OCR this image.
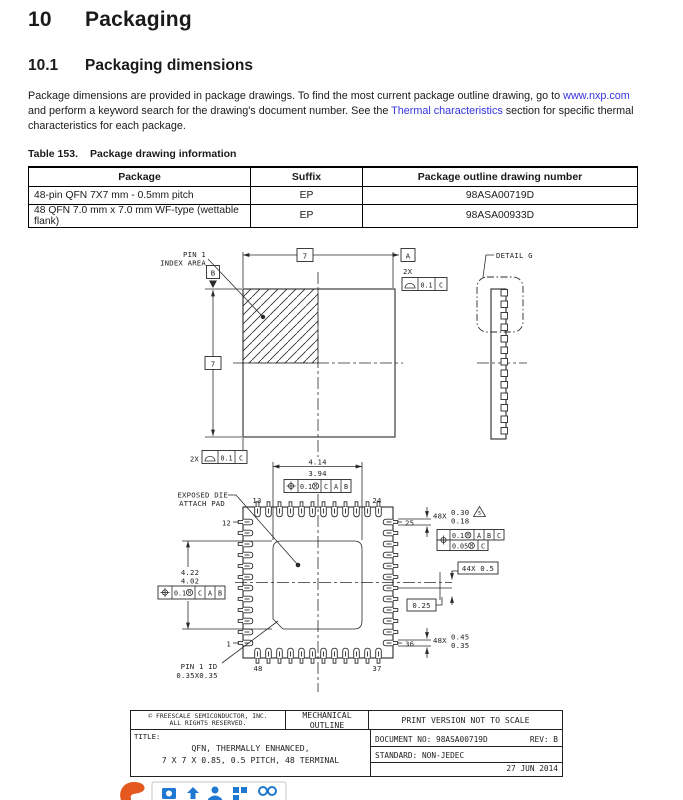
10 Packaging
10.1 Packaging dimensions
Package dimensions are provided in package drawings. To find the most current package outline drawing, go to www.nxp.com and perform a keyword search for the drawing's document number. See the Thermal characteristics section for specific thermal characteristics for each package.
Table 153. Package drawing information
Package	Suffix	Package outline drawing number
48-pin QFN 7X7 mm - 0.5mm pitch	EP	98ASA00719D
48 QFN 7.0 mm x 7.0 mm WF-type (wettable flank)	EP	98ASA00933D
7	A
7
B	2X
0.1 C
2X	0.1 C
PIN 1
INDEX AREA
DETAIL G
13	24
48	37
12
1
25
36
EXPOSED DIE
ATTACH PAD
4.14
3.94
0.1 M C A B
4.22
4.02
0.1 M C A B
PIN 1 ID
0.35X0.35
48X 0.30
0.18
5
0.1 M A B C
0.05 M C
44X 0.5
0.25
48X 0.45
0.35
© FREESCALE SEMICONDUCTOR, INC.
ALL RIGHTS RESERVED.
MECHANICAL OUTLINE	PRINT VERSION NOT TO SCALE
TITLE:
QFN, THERMALLY ENHANCED,
7 X 7 X 0.85, 0.5 PITCH, 48 TERMINAL
DOCUMENT NO: 98ASA00719D	REV: B
STANDARD: NON-JEDEC
27 JUN 2014
